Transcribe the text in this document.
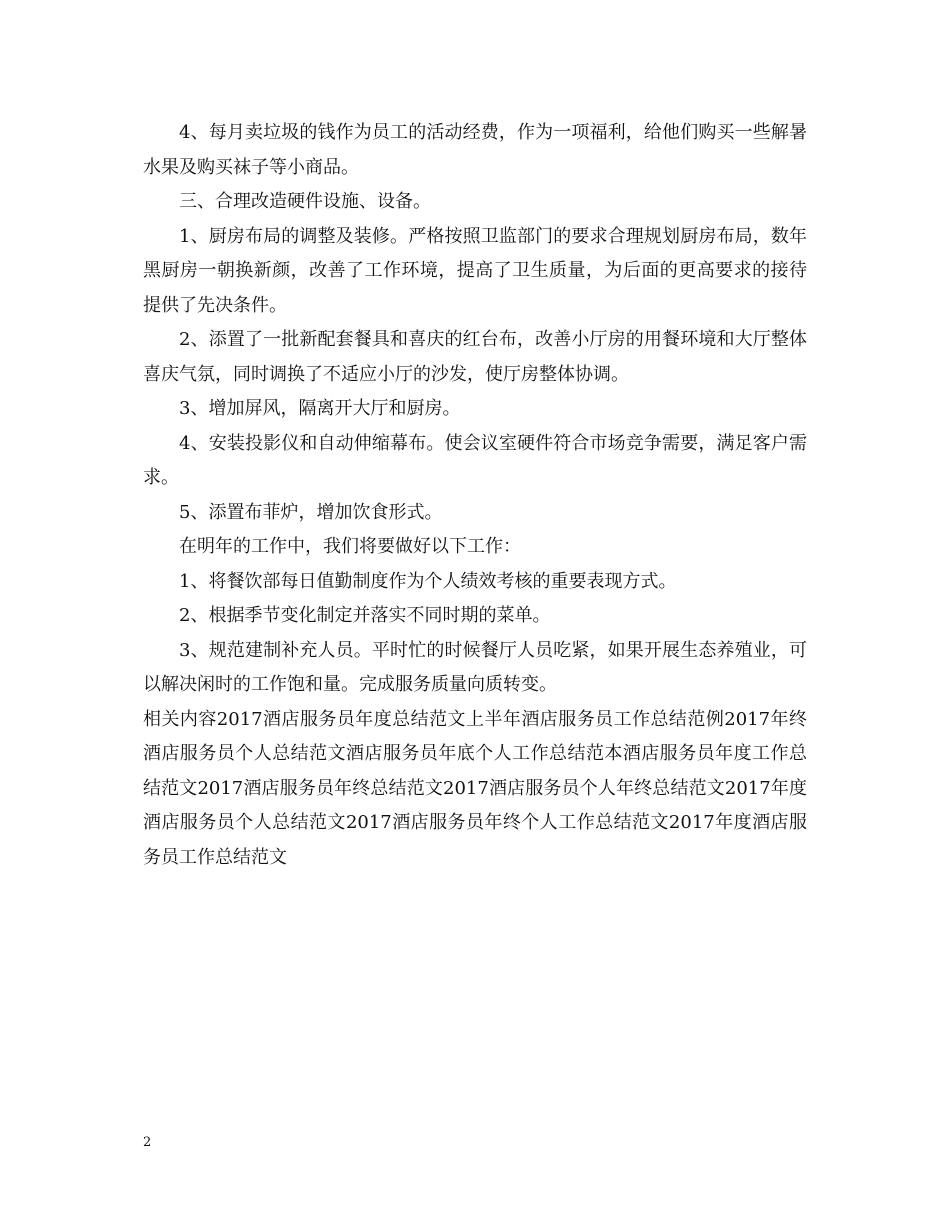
4、每月卖垃圾的钱作为员工的活动经费，作为一项福利，给他们购买一些解暑水果及购买袜子等小商品。

三、合理改造硬件设施、设备。

1、厨房布局的调整及装修。严格按照卫监部门的要求合理规划厨房布局，数年黑厨房一朝换新颜，改善了工作环境，提高了卫生质量，为后面的更高要求的接待提供了先决条件。

2、添置了一批新配套餐具和喜庆的红台布，改善小厅房的用餐环境和大厅整体喜庆气氛，同时调换了不适应小厅的沙发，使厅房整体协调。

3、增加屏风，隔离开大厅和厨房。

4、安装投影仪和自动伸缩幕布。使会议室硬件符合市场竞争需要，满足客户需求。

5、添置布菲炉，增加饮食形式。

在明年的工作中，我们将要做好以下工作：

1、将餐饮部每日值勤制度作为个人绩效考核的重要表现方式。

2、根据季节变化制定并落实不同时期的菜单。

3、规范建制补充人员。平时忙的时候餐厅人员吃紧，如果开展生态养殖业，可以解决闲时的工作饱和量。完成服务质量向质转变。

相关内容2017酒店服务员年度总结范文上半年酒店服务员工作总结范例2017年终酒店服务员个人总结范文酒店服务员年底个人工作总结范本酒店服务员年度工作总结范文2017酒店服务员年终总结范文2017酒店服务员个人年终总结范文2017年度酒店服务员个人总结范文2017酒店服务员年终个人工作总结范文2017年度酒店服务员工作总结范文

2
